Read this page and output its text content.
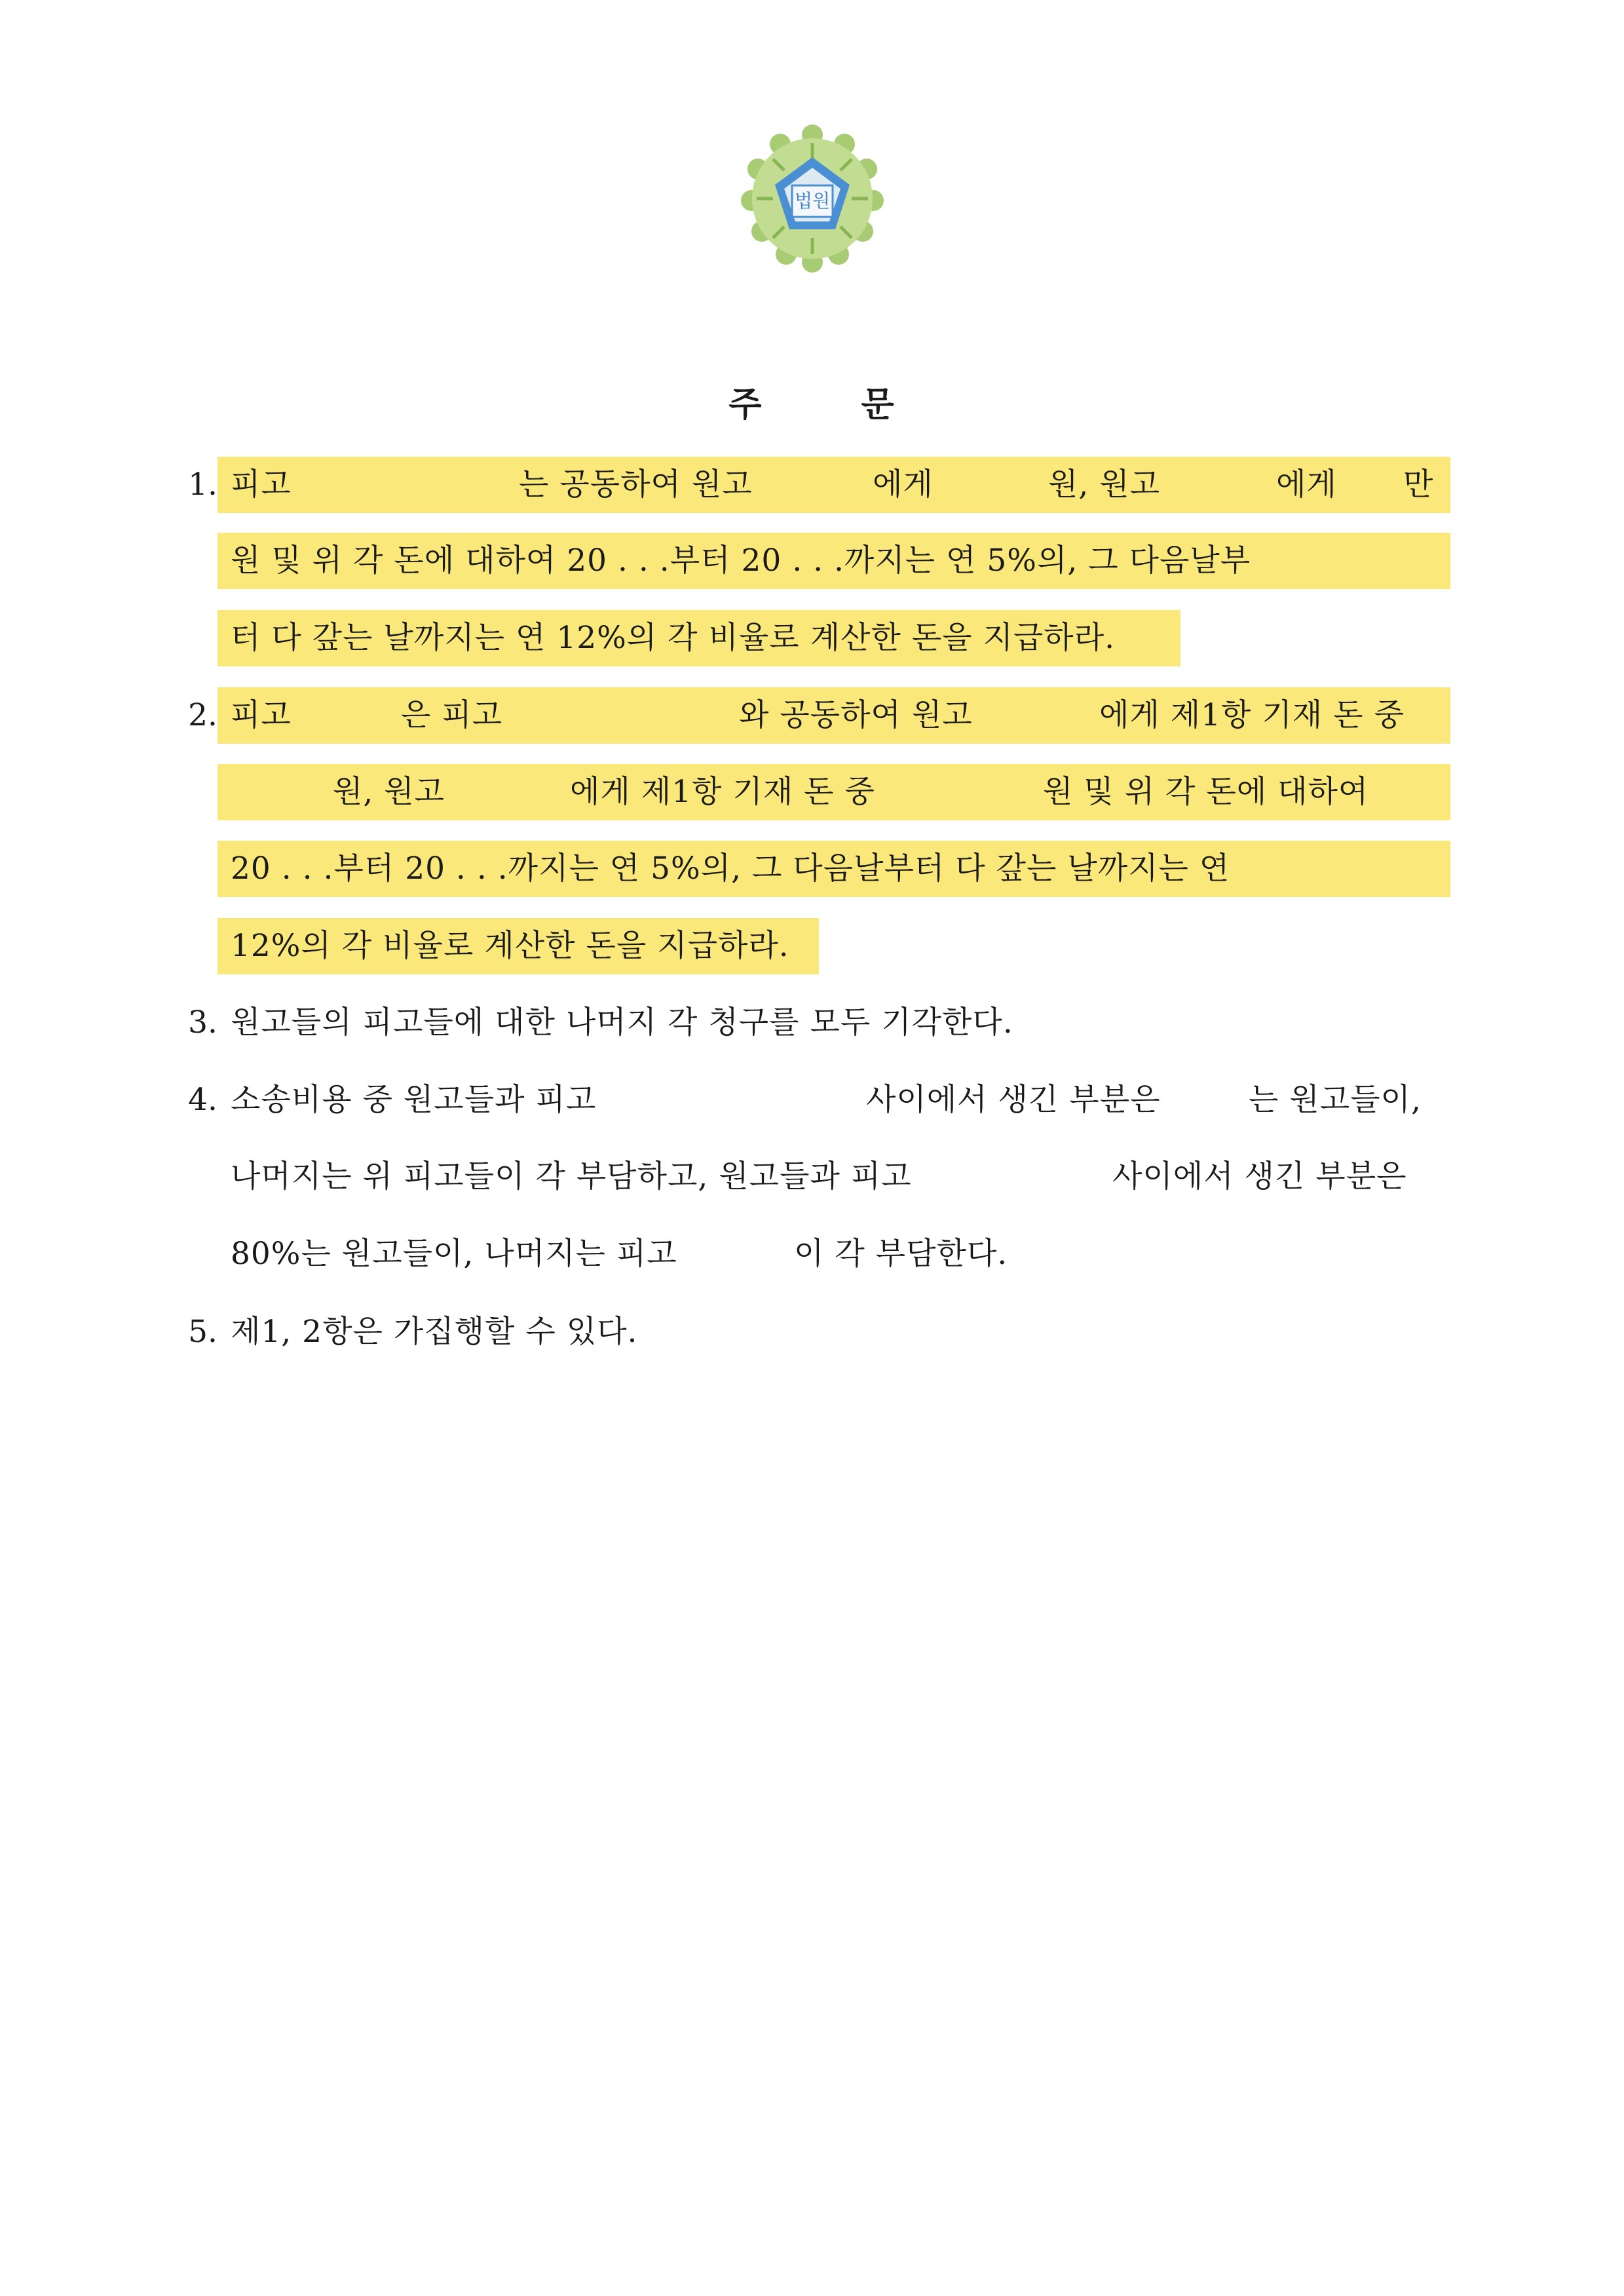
법원
주	문
1. 피고	는 공동하여 원고	에게	원, 원고	에게 만
원 및 위 각 돈에 대하여 20 . . .부터 20 . . .까지는 연 5%의, 그 다음날부
터 다 갚는 날까지는 연 12%의 각 비율로 계산한 돈을 지급하라.
2. 피고	은 피고	와 공동하여 원고	에게 제1항 기재 돈 중
원, 원고	에게 제1항 기재 돈 중	원 및 위 각 돈에 대하여
20 . . .부터 20 . . .까지는 연 5%의, 그 다음날부터 다 갚는 날까지는 연
12%의 각 비율로 계산한 돈을 지급하라.
3. 원고들의 피고들에 대한 나머지 각 청구를 모두 기각한다.
4. 소송비용 중 원고들과 피고	사이에서 생긴 부분은	는 원고들이,
나머지는 위 피고들이 각 부담하고, 원고들과 피고	사이에서 생긴 부분은
80%는 원고들이, 나머지는 피고	이 각 부담한다.
5. 제1, 2항은 가집행할 수 있다.
